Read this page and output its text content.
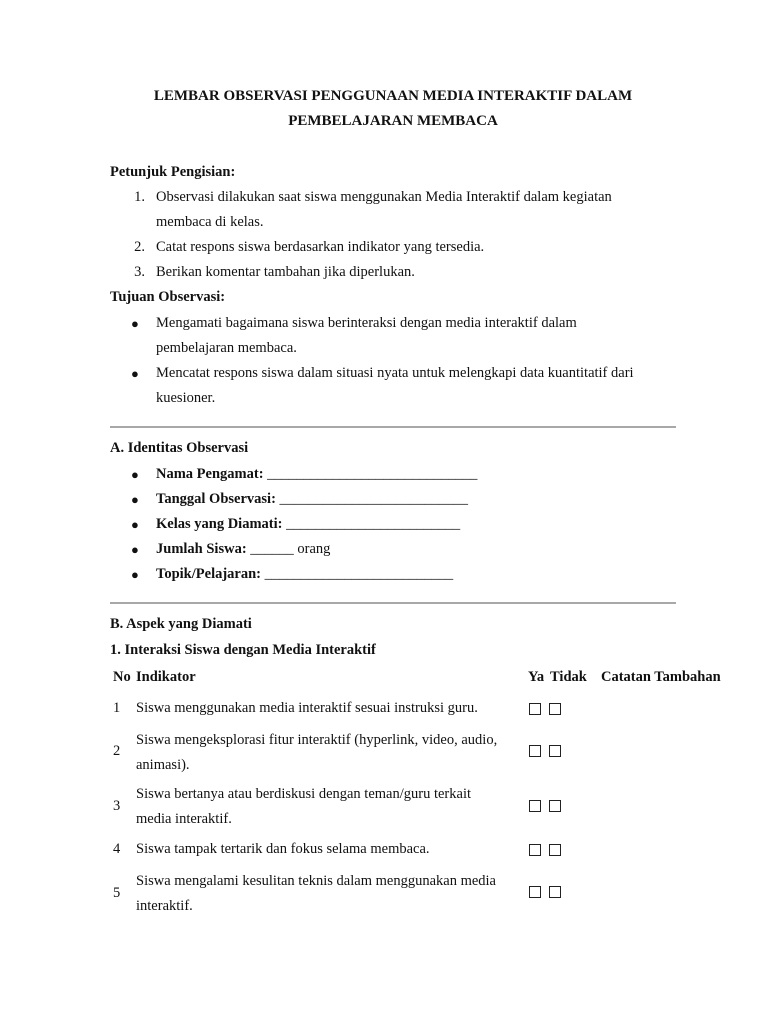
LEMBAR OBSERVASI PENGGUNAAN MEDIA INTERAKTIF DALAM
PEMBELAJARAN MEMBACA
Petunjuk Pengisian:
1. Observasi dilakukan saat siswa menggunakan Media Interaktif dalam kegiatan
membaca di kelas.
2. Catat respons siswa berdasarkan indikator yang tersedia.
3. Berikan komentar tambahan jika diperlukan.
Tujuan Observasi:
● Mengamati bagaimana siswa berinteraksi dengan media interaktif dalam
pembelajaran membaca.
● Mencatat respons siswa dalam situasi nyata untuk melengkapi data kuantitatif dari
kuesioner.
A. Identitas Observasi
● Nama Pengamat: _____________________________
● Tanggal Observasi: __________________________
● Kelas yang Diamati: ________________________
● Jumlah Siswa: ______ orang
● Topik/Pelajaran: __________________________
B. Aspek yang Diamati
1. Interaksi Siswa dengan Media Interaktif
No Indikator	Ya Tidak Catatan Tambahan
1 Siswa menggunakan media interaktif sesuai instruksi guru.
2
Siswa mengeksplorasi fitur interaktif (hyperlink, video, audio,
animasi).
3
Siswa bertanya atau berdiskusi dengan teman/guru terkait
media interaktif.
4 Siswa tampak tertarik dan fokus selama membaca.
5
Siswa mengalami kesulitan teknis dalam menggunakan media
interaktif.
